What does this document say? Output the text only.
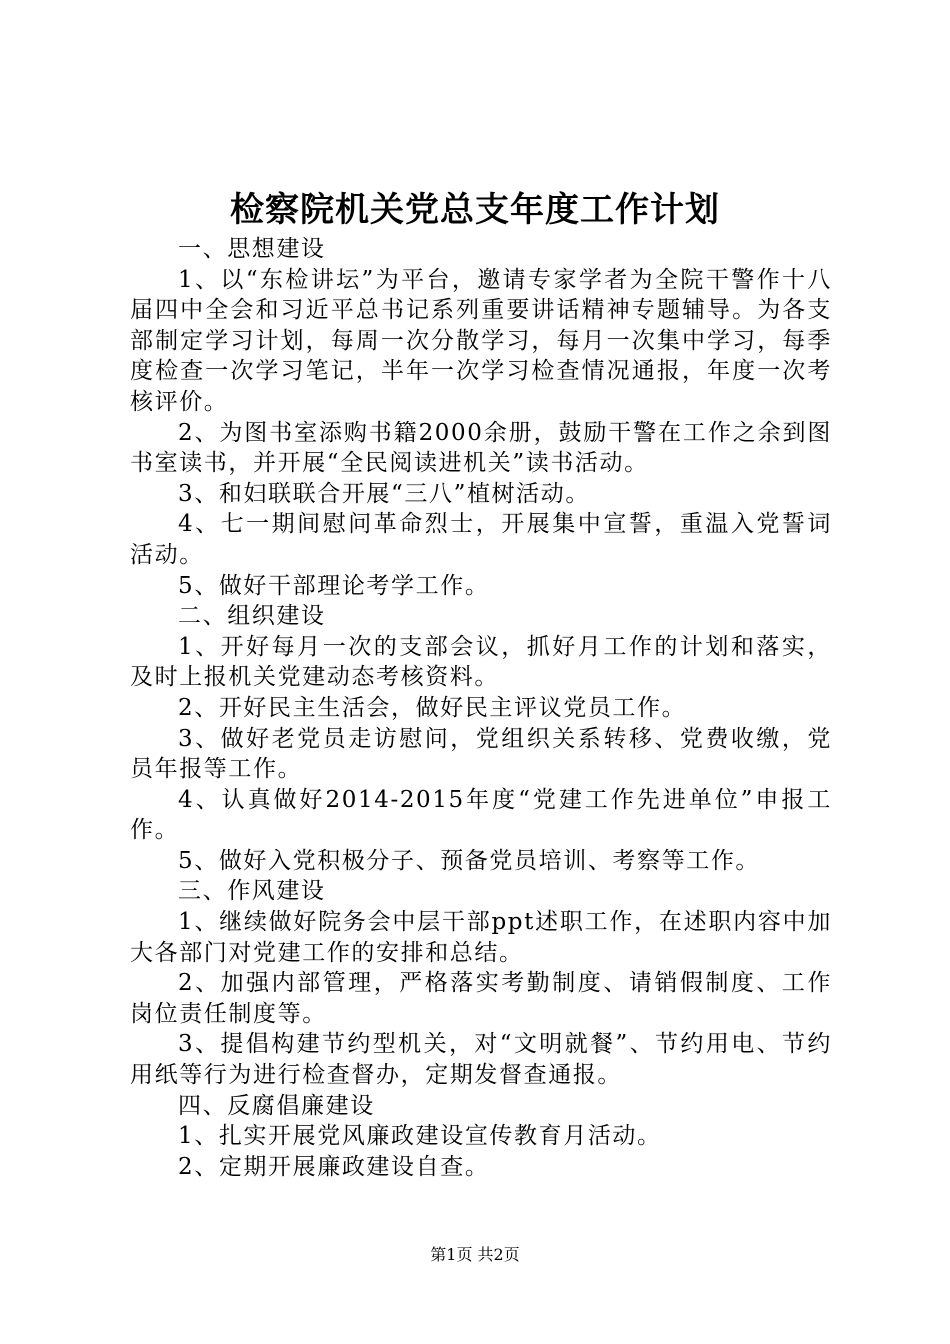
检察院机关党总支年度工作计划

一、思想建设

1、以“东检讲坛”为平台，邀请专家学者为全院干警作十八届四中全会和习近平总书记系列重要讲话精神专题辅导。为各支部制定学习计划，每周一次分散学习，每月一次集中学习，每季度检查一次学习笔记，半年一次学习检查情况通报，年度一次考核评价。

2、为图书室添购书籍2000余册，鼓励干警在工作之余到图书室读书，并开展“全民阅读进机关”读书活动。

3、和妇联联合开展“三八”植树活动。

4、七一期间慰问革命烈士，开展集中宣誓，重温入党誓词活动。

5、做好干部理论考学工作。

二、组织建设

1、开好每月一次的支部会议，抓好月工作的计划和落实，及时上报机关党建动态考核资料。

2、开好民主生活会，做好民主评议党员工作。

3、做好老党员走访慰问，党组织关系转移、党费收缴，党员年报等工作。

4、认真做好2014-2015年度“党建工作先进单位”申报工作。

5、做好入党积极分子、预备党员培训、考察等工作。

三、作风建设

1、继续做好院务会中层干部ppt述职工作，在述职内容中加大各部门对党建工作的安排和总结。

2、加强内部管理，严格落实考勤制度、请销假制度、工作岗位责任制度等。

3、提倡构建节约型机关，对“文明就餐”、节约用电、节约用纸等行为进行检查督办，定期发督查通报。

四、反腐倡廉建设

1、扎实开展党风廉政建设宣传教育月活动。

2、定期开展廉政建设自查。

第1页 共2页
